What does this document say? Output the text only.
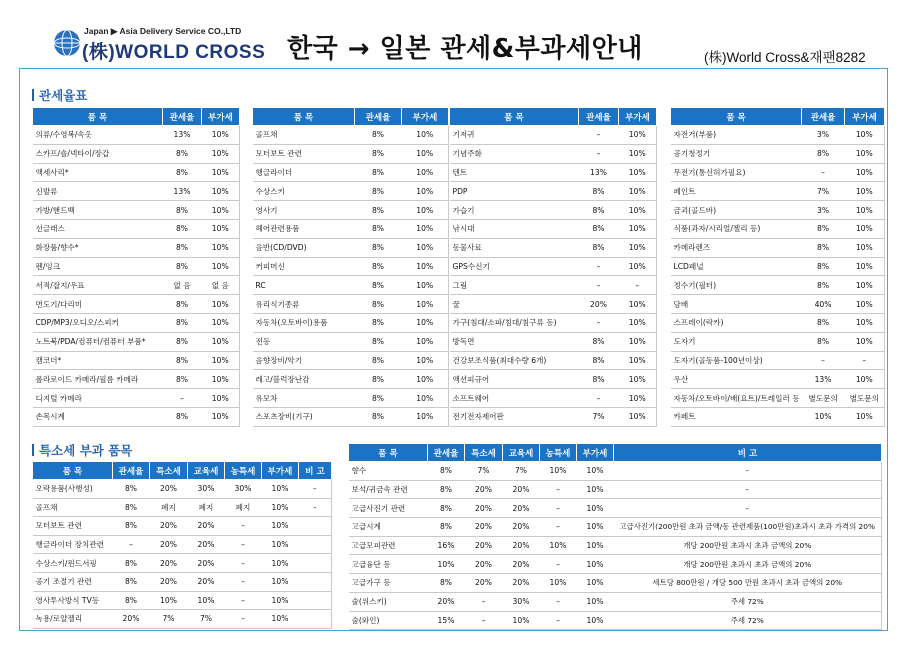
Japan ▶ Asia Delivery Service CO.,LTD
(株)WORLD CROSS 한국 → 일본 관세&부과세안내	(株)World Cross&재팬8282
관세율표
품 목	관세율	부가세
의류/수영복/속옷	13%	10%
스카프/숄/넥타이/장갑	8%	10%
액세사리*	8%	10%
신발류	13%	10%
가방/핸드백	8%	10%
선글래스	8%	10%
화장품/향수*	8%	10%
펜/잉크	8%	10%
서적/잡지/우표	없 음	없 음
면도기/다리미	8%	10%
CDP/MP3/오디오/스피커	8%	10%
노트북/PDA/컴퓨터/컴퓨터 부품*	8%	10%
캠코더*	8%	10%
폴라로이드 카메라/필름 카메라	8%	10%
디지털 카메라	–	10%
손목시계	8%	10%
품 목	관세율	부가세
골프채	8%	10%
모터보트 관련	8%	10%
행글라이더	8%	10%
수상스키	8%	10%
영사기	8%	10%
헤어관련용품	8%	10%
음반(CD/DVD)	8%	10%
커피머신	8%	10%
RC	8%	10%
유리식기종류	8%	10%
자동차(오토바이)용품	8%	10%
전등	8%	10%
음향장비/악기	8%	10%
레고/블럭장난감	8%	10%
유모차	8%	10%
스포츠장비(기구)	8%	10%
품 목	관세율	부가세
기저귀	–	10%
기념주화	–	10%
텐트	13%	10%
PDP	8%	10%
가습기	8%	10%
낚시대	8%	10%
동물사료	8%	10%
GPS수신기	–	10%
그림	–	–
꿀	20%	10%
가구(침대/소파/침대/침구류 등)	–	10%
방독면	8%	10%
건강보조식품(최대수량 6개)	8%	10%
액션피규어	8%	10%
소프트웨어	–	10%
전기전자제어판	7%	10%
품 목	관세율	부가세
자전거(부품)	3%	10%
공기청정기	8%	10%
무전기(통신허가필요)	–	10%
페인트	7%	10%
금괴(골드바)	3%	10%
식품(과자/시리얼/젤리 등)	8%	10%
카메라렌즈	8%	10%
LCD패널	8%	10%
정수기(필터)	8%	10%
담배	40%	10%
스프레이(락카)	8%	10%
도자기	8%	10%
도자기(골동품-100년이상)	–	–
우산	13%	10%
자동차/오토바이/배(요트)/트레일러 등	별도문의	별도문의
카페트	10%	10%
특소세 부과 품목
품 목	관세율	특소세	교육세	농특세	부가세	비 고
오락용품(사행성)	8%	20%	30%	30%	10%	–
골프채	8%	폐지	폐지	폐지	10%	–
모터보트 관련	8%	20%	20%	–	10%	
행글라이더 장치관련	–	20%	20%	–	10%	
수상스키/윈드서핑	8%	20%	20%	–	10%	
공기 조절기 관련	8%	20%	20%	–	10%	
영사투사방식 TV등	8%	10%	10%	–	10%	
녹용/로얄젤리	20%	7%	7%	–	10%	
품 목	관세율	특소세	교육세	농특세	부가세	비 고
향수	8%	7%	7%	10%	10%	–
보석/귀금속 관련	8%	20%	20%	–	10%	–
고급사진기 관련	8%	20%	20%	–	10%	–
고급시계	8%	20%	20%	–	10%	고급사진기(200만원 초과 금액/동 관련제품(100만원)초과시 초과 가격의 20%
고급모피관련	16%	20%	20%	10%	10%	개당 200만원 초과시 초과 금액의 20%
고급융단 등	10%	20%	20%	–	10%	개당 200만원 초과시 초과 금액의 20%
고급가구 등	8%	20%	20%	10%	10%	세트당 800만원 / 개당 500 만원 초과시 초과 금액의 20%
술(위스키)	20%	–	30%	–	10%	주세 72%
술(와인)	15%	–	10%	–	10%	주세 72%
